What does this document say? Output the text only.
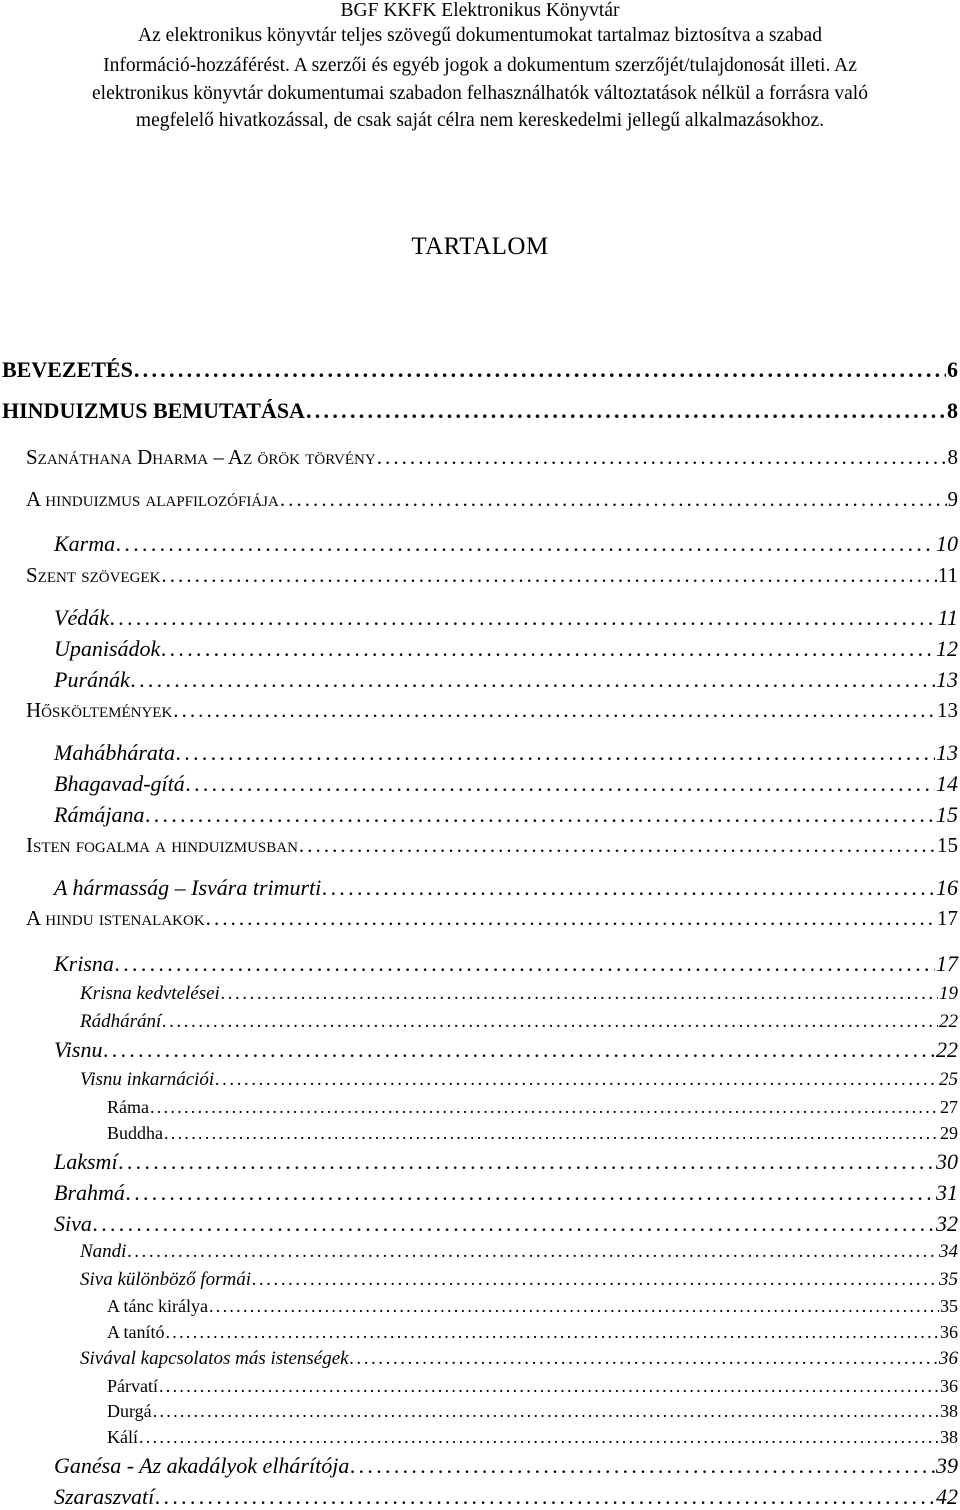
BGF KKFK Elektronikus Könyvtár
Az elektronikus könyvtár teljes szövegű dokumentumokat tartalmaz biztosítva a szabad
Információ-hozzáférést. A szerzői és egyéb jogok a dokumentum szerzőjét/tulajdonosát illeti. Az
elektronikus könyvtár dokumentumai szabadon felhasználhatók változtatások nélkül a forrásra való
megfelelő hivatkozással, de csak saját célra nem kereskedelmi jellegű alkalmazásokhoz.
TARTALOM
BEVEZETÉS . . .	6
HINDUIZMUS BEMUTATÁSA . . .	8
Szanáthana Dharma – Az örök törvény . . .	8
A hinduizmus alapfilozófiája . . .	9
Karma . . .	10
Szent szövegek . . .	11
Védák . . .	11
Upanisádok . . .	12
Puránák . . .	13
Hősköltemények . . .	13
Mahábhárata . . .	13
Bhagavad-gítá . . .	14
Rámájana . . .	15
Isten fogalma a hinduizmusban . . .	15
A hármasság – Isvára trimurti . . .	16
A hindu istenalakok . . .	17
Krisna . . .	17
Krisna kedvtelései . . .	19
Rádhárání . . .	22
Visnu . . .	22
Visnu inkarnációi . . .	25
Ráma . . .	27
Buddha . . .	29
Laksmí . . .	30
Brahmá . . .	31
Siva . . .	32
Nandi . . .	34
Siva különböző formái . . .	35
A tánc királya . . .	35
A tanító . . .	36
Sivával kapcsolatos más istenségek . . .	36
Párvatí . . .	36
Durgá . . .	38
Kálí . . .	38
Ganésa - Az akadályok elhárítója . . .	39
Szaraszvatí . . .	42
